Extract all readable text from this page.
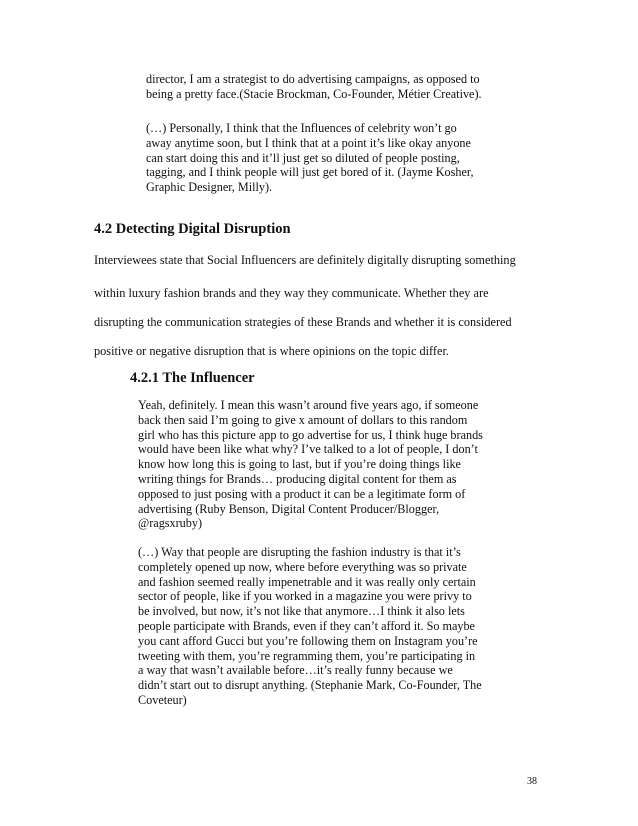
director, I am a strategist to do advertising campaigns, as opposed to
being a pretty face.(Stacie Brockman, Co-Founder, Métier Creative).
(…) Personally, I think that the Influences of celebrity won’t go
away anytime soon, but I think that at a point it’s like okay anyone
can start doing this and it’ll just get so diluted of people posting,
tagging, and I think people will just get bored of it. (Jayme Kosher,
Graphic Designer, Milly).
4.2 Detecting Digital Disruption
Interviewees state that Social Influencers are definitely digitally disrupting something
within luxury fashion brands and they way they communicate. Whether they are
disrupting the communication strategies of these Brands and whether it is considered
positive or negative disruption that is where opinions on the topic differ.
4.2.1 The Influencer
Yeah, definitely. I mean this wasn’t around five years ago, if someone
back then said I’m going to give x amount of dollars to this random
girl who has this picture app to go advertise for us, I think huge brands
would have been like what why? I’ve talked to a lot of people, I don’t
know how long this is going to last, but if you’re doing things like
writing things for Brands… producing digital content for them as
opposed to just posing with a product it can be a legitimate form of
advertising (Ruby Benson, Digital Content Producer/Blogger,
@ragsxruby)
(…) Way that people are disrupting the fashion industry is that it’s
completely opened up now, where before everything was so private
and fashion seemed really impenetrable and it was really only certain
sector of people, like if you worked in a magazine you were privy to
be involved, but now, it’s not like that anymore…I think it also lets
people participate with Brands, even if they can’t afford it. So maybe
you cant afford Gucci but you’re following them on Instagram you’re
tweeting with them, you’re regramming them, you’re participating in
a way that wasn’t available before…it’s really funny because we
didn’t start out to disrupt anything. (Stephanie Mark, Co-Founder, The
Coveteur)
38
